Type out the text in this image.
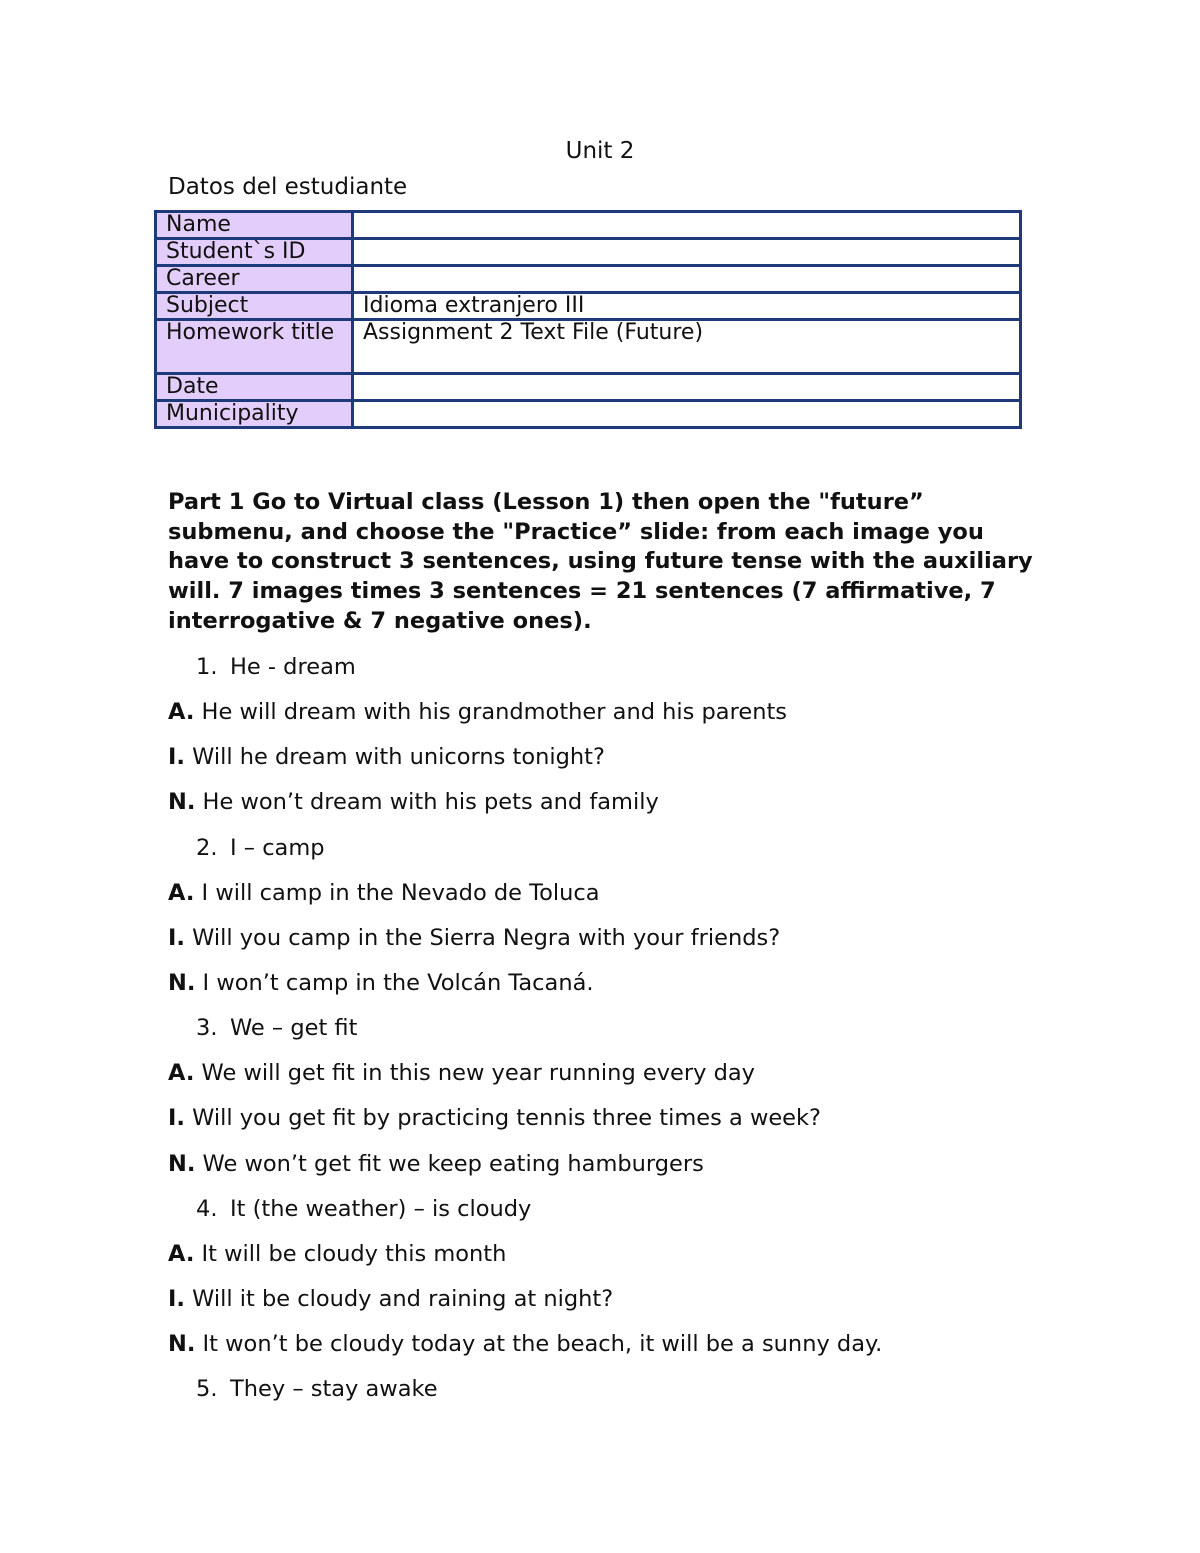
Unit 2
Datos del estudiante
Name	
Student`s ID	
Career	
Subject	Idioma extranjero III
Homework title	Assignment 2 Text File (Future)
Date	
Municipality	
Part 1 Go to Virtual class (Lesson 1) then open the "future” submenu, and choose the "Practice” slide: from each image you have to construct 3 sentences, using future tense with the auxiliary will. 7 images times 3 sentences = 21 sentences (7 affirmative, 7 interrogative & 7 negative ones).
1. He - dream
A. He will dream with his grandmother and his parents
I. Will he dream with unicorns tonight?
N. He won’t dream with his pets and family
2. I – camp
A. I will camp in the Nevado de Toluca
I. Will you camp in the Sierra Negra with your friends?
N. I won’t camp in the Volcán Tacaná.
3. We – get fit
A. We will get fit in this new year running every day
I. Will you get fit by practicing tennis three times a week?
N. We won’t get fit we keep eating hamburgers
4. It (the weather) – is cloudy
A. It will be cloudy this month
I. Will it be cloudy and raining at night?
N. It won’t be cloudy today at the beach, it will be a sunny day.
5. They – stay awake
